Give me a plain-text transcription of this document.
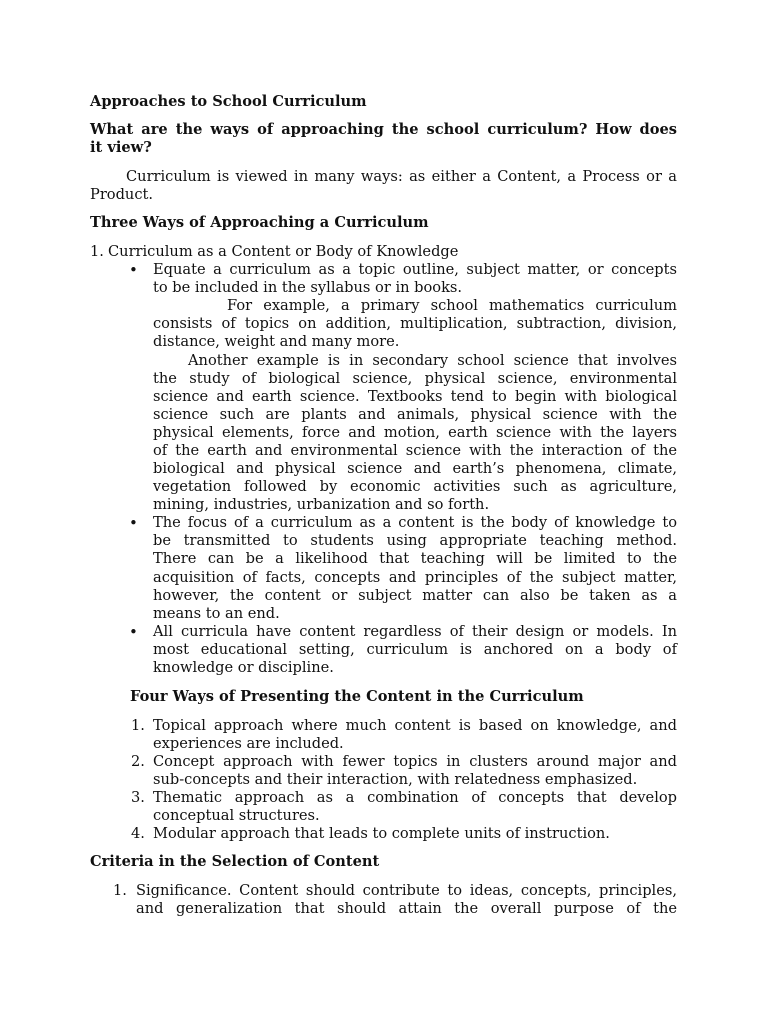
Approaches to School Curriculum
What are the ways of approaching the school curriculum? How does
it view?
Curriculum is viewed in many ways: as either a Content, a Process or a
Product.
Three Ways of Approaching a Curriculum
1. Curriculum as a Content or Body of Knowledge
• Equate a curriculum as a topic outline, subject matter, or concepts
to be included in the syllabus or in books.
For example, a primary school mathematics curriculum
consists of topics on addition, multiplication, subtraction, division,
distance, weight and many more.
Another example is in secondary school science that involves
the study of biological science, physical science, environmental
science and earth science. Textbooks tend to begin with biological
science such are plants and animals, physical science with the
physical elements, force and motion, earth science with the layers
of the earth and environmental science with the interaction of the
biological and physical science and earth’s phenomena, climate,
vegetation followed by economic activities such as agriculture,
mining, industries, urbanization and so forth.
• The focus of a curriculum as a content is the body of knowledge to
be transmitted to students using appropriate teaching method.
There can be a likelihood that teaching will be limited to the
acquisition of facts, concepts and principles of the subject matter,
however, the content or subject matter can also be taken as a
means to an end.
• All curricula have content regardless of their design or models. In
most educational setting, curriculum is anchored on a body of
knowledge or discipline.
Four Ways of Presenting the Content in the Curriculum
1. Topical approach where much content is based on knowledge, and
experiences are included.
2. Concept approach with fewer topics in clusters around major and
sub-concepts and their interaction, with relatedness emphasized.
3. Thematic approach as a combination of concepts that develop
conceptual structures.
4. Modular approach that leads to complete units of instruction.
Criteria in the Selection of Content
1. Significance. Content should contribute to ideas, concepts, principles,
and generalization that should attain the overall purpose of the
